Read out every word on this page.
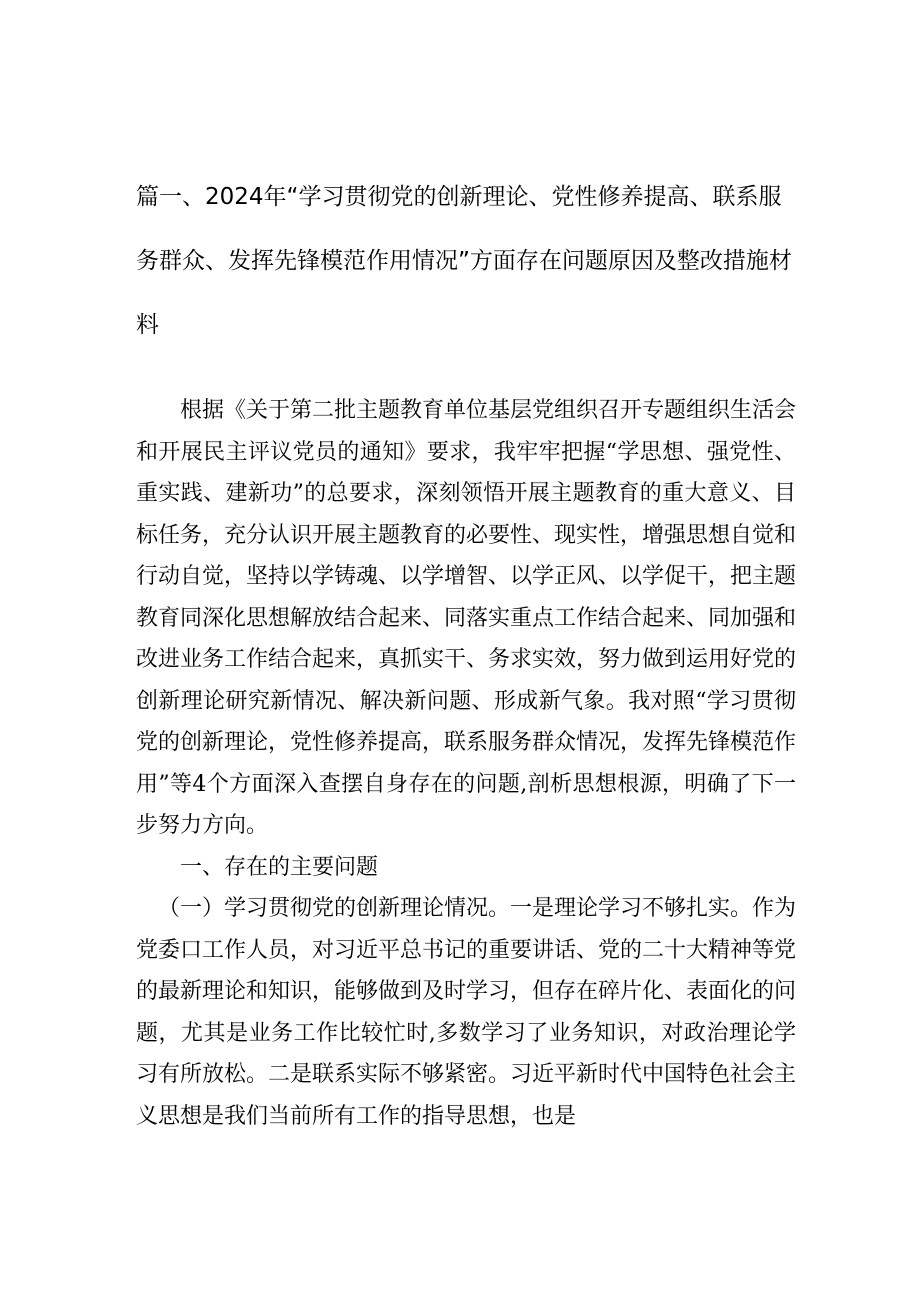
篇一、2024年“学习贯彻党的创新理论、党性修养提高、联系服务群众、发挥先锋模范作用情况”方面存在问题原因及整改措施材料

根据《关于第二批主题教育单位基层党组织召开专题组织生活会和开展民主评议党员的通知》要求，我牢牢把握“学思想、强党性、重实践、建新功”的总要求，深刻领悟开展主题教育的重大意义、目标任务，充分认识开展主题教育的必要性、现实性，增强思想自觉和行动自觉，坚持以学铸魂、以学增智、以学正风、以学促干，把主题教育同深化思想解放结合起来、同落实重点工作结合起来、同加强和改进业务工作结合起来，真抓实干、务求实效，努力做到运用好党的创新理论研究新情况、解决新问题、形成新气象。我对照“学习贯彻党的创新理论，党性修养提高，联系服务群众情况，发挥先锋模范作用”等4个方面深入查摆自身存在的问题,剖析思想根源，明确了下一步努力方向。

一、存在的主要问题

（一）学习贯彻党的创新理论情况。一是理论学习不够扎实。作为党委口工作人员，对习近平总书记的重要讲话、党的二十大精神等党的最新理论和知识，能够做到及时学习，但存在碎片化、表面化的问题，尤其是业务工作比较忙时,多数学习了业务知识，对政治理论学习有所放松。二是联系实际不够紧密。习近平新时代中国特色社会主义思想是我们当前所有工作的指导思想，也是
